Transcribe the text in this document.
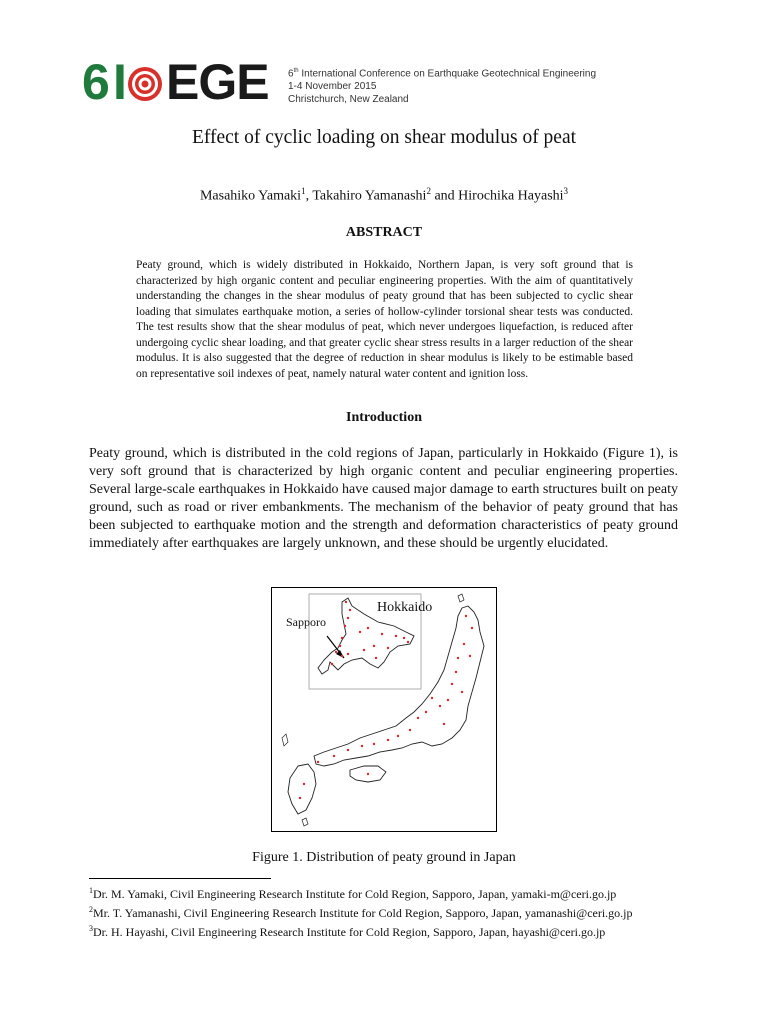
6 I EGE 6th International Conference on Earthquake Geotechnical Engineering
1-4 November 2015
Christchurch, New Zealand
Effect of cyclic loading on shear modulus of peat
Masahiko Yamaki$^1$, Takahiro Yamanashi$^2$ and Hirochika Hayashi$^3$
ABSTRACT
Peaty ground, which is widely distributed in Hokkaido, Northern Japan, is very soft ground that is characterized by high organic content and peculiar engineering properties. With the aim of quantitatively understanding the changes in the shear modulus of peaty ground that has been subjected to cyclic shear loading that simulates earthquake motion, a series of hollow-cylinder torsional shear tests was conducted. The test results show that the shear modulus of peat, which never undergoes liquefaction, is reduced after undergoing cyclic shear loading, and that greater cyclic shear stress results in a larger reduction of the shear modulus. It is also suggested that the degree of reduction in shear modulus is likely to be estimable based on representative soil indexes of peat, namely natural water content and ignition loss.
Introduction
Peaty ground, which is distributed in the cold regions of Japan, particularly in Hokkaido (Figure 1), is very soft ground that is characterized by high organic content and peculiar engineering properties. Several large-scale earthquakes in Hokkaido have caused major damage to earth structures built on peaty ground, such as road or river embankments. The mechanism of the behavior of peaty ground that has been subjected to earthquake motion and the strength and deformation characteristics of peaty ground immediately after earthquakes are largely unknown, and these should be urgently elucidated.
Hokkaido
Sapporo
Figure 1. Distribution of peaty ground in Japan
$^1$Dr. M. Yamaki, Civil Engineering Research Institute for Cold Region, Sapporo, Japan, yamaki-m@ceri.go.jp
$^2$Mr. T. Yamanashi, Civil Engineering Research Institute for Cold Region, Sapporo, Japan, yamanashi@ceri.go.jp
$^3$Dr. H. Hayashi, Civil Engineering Research Institute for Cold Region, Sapporo, Japan, hayashi@ceri.go.jp
